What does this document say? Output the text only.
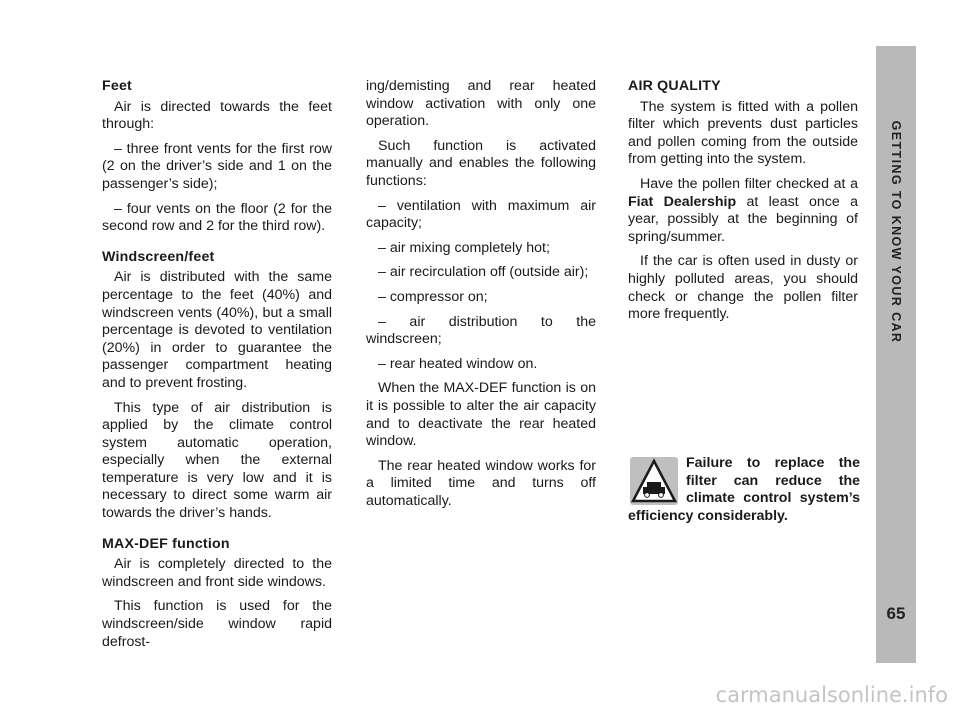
Feet

Air is directed towards the feet through:

– three front vents for the first row (2 on the driver’s side and 1 on the passenger’s side);

– four vents on the floor (2 for the second row and 2 for the third row).

Windscreen/feet

Air is distributed with the same percentage to the feet (40%) and windscreen vents (40%), but a small percentage is devoted to ventilation (20%) in order to guarantee the passenger compartment heating and to prevent frosting.

This type of air distribution is applied by the climate control system automatic operation, especially when the external temperature is very low and it is necessary to direct some warm air towards the driver’s hands.

MAX-DEF function

Air is completely directed to the windscreen and front side windows.

This function is used for the windscreen/side window rapid defrost-

ing/demisting and rear heated window activation with only one operation.

Such function is activated manually and enables the following functions:

– ventilation with maximum air capacity;

– air mixing completely hot;

– air recirculation off (outside air);

– compressor on;

– air distribution to the windscreen;

– rear heated window on.

When the MAX-DEF function is on it is possible to alter the air capacity and to deactivate the rear heated window.

The rear heated window works for a limited time and turns off automatically.

AIR QUALITY

The system is fitted with a pollen filter which prevents dust particles and pollen coming from the outside from getting into the system.

Have the pollen filter checked at a Fiat Dealership at least once a year, possibly at the beginning of spring/summer.

If the car is often used in dusty or highly polluted areas, you should check or change the pollen filter more frequently.

Failure to replace the filter can reduce the climate control system’s efficiency considerably.
GETTING TO KNOW YOUR CAR
65
carmanualsonline.info
